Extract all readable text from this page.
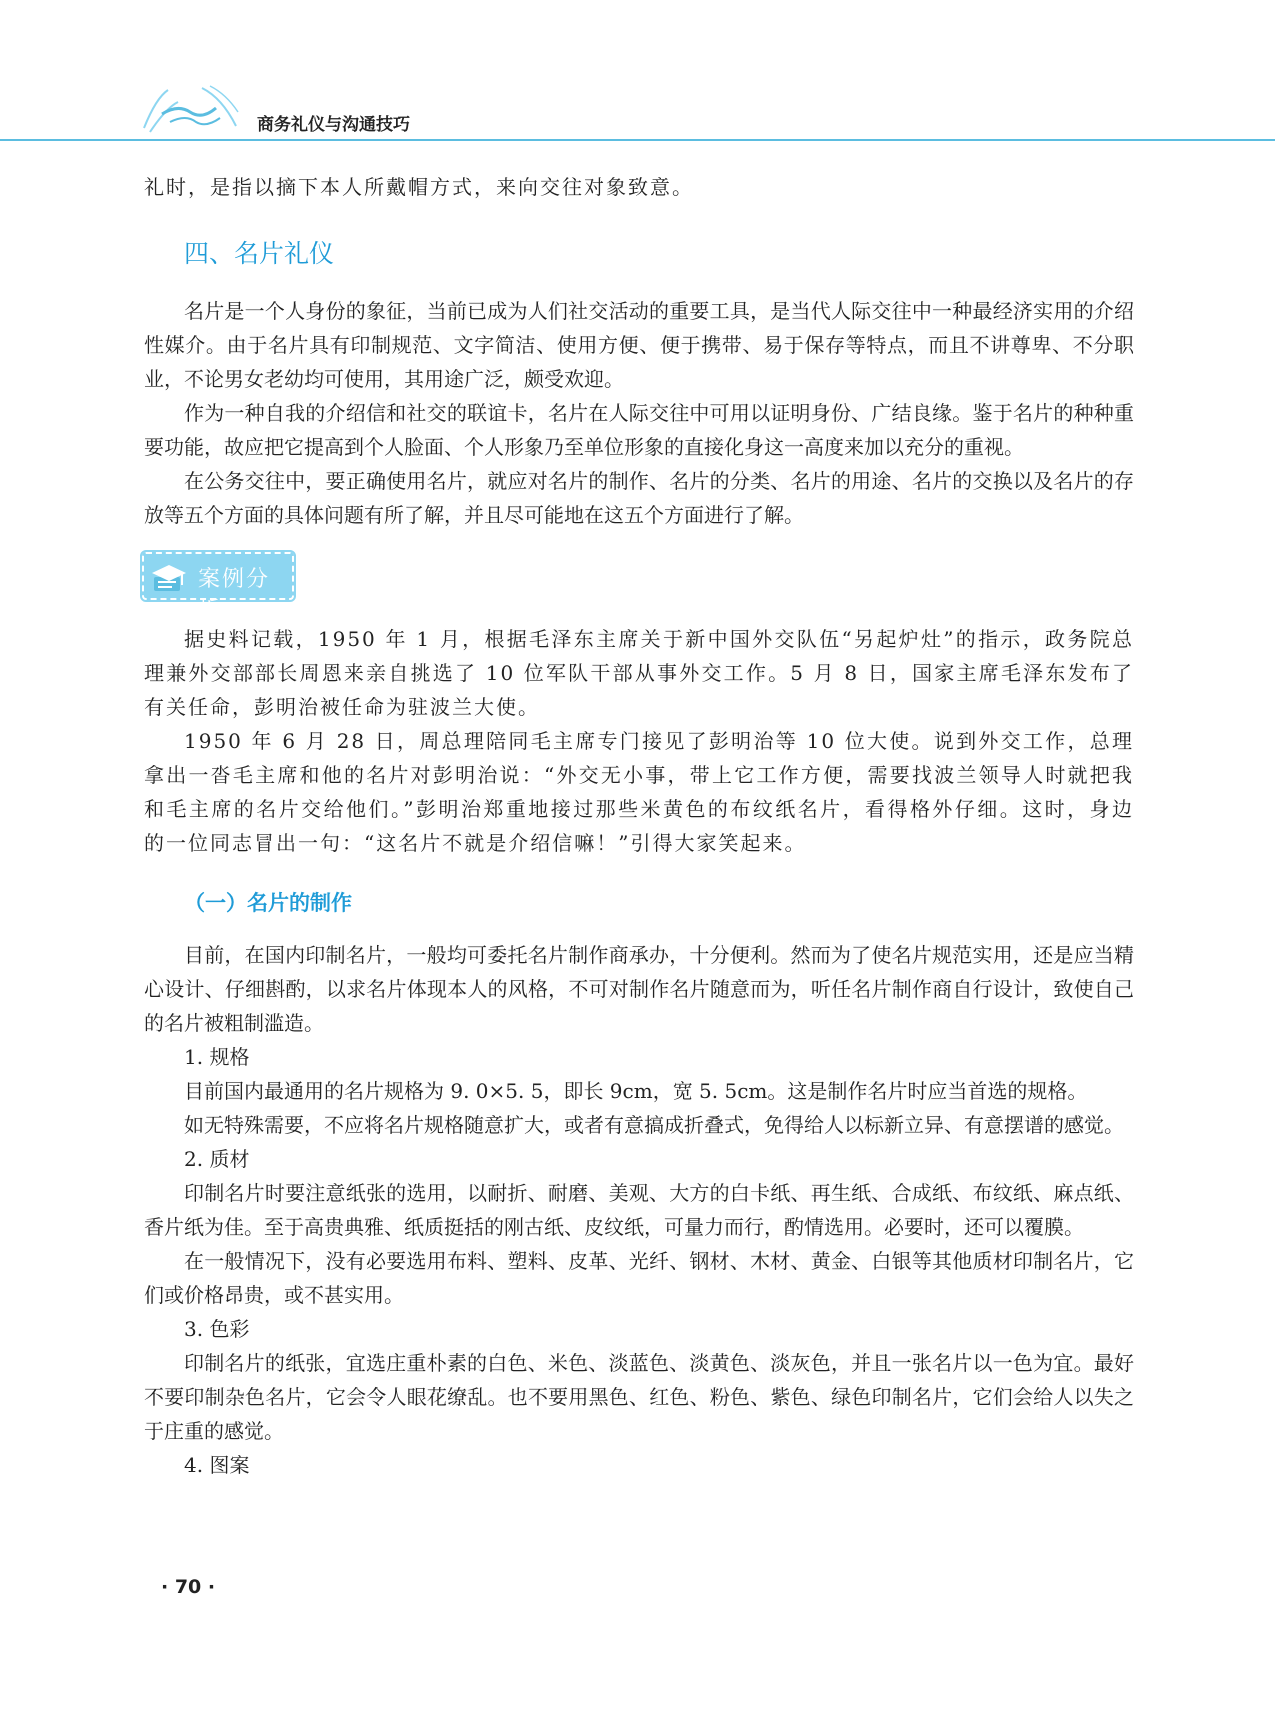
商务礼仪与沟通技巧

礼时，是指以摘下本人所戴帽方式，来向交往对象致意。

四、名片礼仪

名片是一个人身份的象征，当前已成为人们社交活动的重要工具，是当代人际交往中一种最经济实用的介绍性媒介。由于名片具有印制规范、文字简洁、使用方便、便于携带、易于保存等特点，而且不讲尊卑、不分职业，不论男女老幼均可使用，其用途广泛，颇受欢迎。

作为一种自我的介绍信和社交的联谊卡，名片在人际交往中可用以证明身份、广结良缘。鉴于名片的种种重要功能，故应把它提高到个人脸面、个人形象乃至单位形象的直接化身这一高度来加以充分的重视。

在公务交往中，要正确使用名片，就应对名片的制作、名片的分类、名片的用途、名片的交换以及名片的存放等五个方面的具体问题有所了解，并且尽可能地在这五个方面进行了解。

案例分析

据史料记载，1950 年 1 月，根据毛泽东主席关于新中国外交队伍“另起炉灶”的指示，政务院总理兼外交部部长周恩来亲自挑选了 10 位军队干部从事外交工作。5 月 8 日，国家主席毛泽东发布了有关任命，彭明治被任命为驻波兰大使。

1950 年 6 月 28 日，周总理陪同毛主席专门接见了彭明治等 10 位大使。说到外交工作，总理拿出一沓毛主席和他的名片对彭明治说：“外交无小事，带上它工作方便，需要找波兰领导人时就把我和毛主席的名片交给他们。”彭明治郑重地接过那些米黄色的布纹纸名片，看得格外仔细。这时，身边的一位同志冒出一句：“这名片不就是介绍信嘛！”引得大家笑起来。

（一）名片的制作

目前，在国内印制名片，一般均可委托名片制作商承办，十分便利。然而为了使名片规范实用，还是应当精心设计、仔细斟酌，以求名片体现本人的风格，不可对制作名片随意而为，听任名片制作商自行设计，致使自己的名片被粗制滥造。

1. 规格

目前国内最通用的名片规格为 9. 0×5. 5，即长 9cm，宽 5. 5cm。这是制作名片时应当首选的规格。

如无特殊需要，不应将名片规格随意扩大，或者有意搞成折叠式，免得给人以标新立异、有意摆谱的感觉。

2. 质材

印制名片时要注意纸张的选用，以耐折、耐磨、美观、大方的白卡纸、再生纸、合成纸、布纹纸、麻点纸、香片纸为佳。至于高贵典雅、纸质挺括的刚古纸、皮纹纸，可量力而行，酌情选用。必要时，还可以覆膜。

在一般情况下，没有必要选用布料、塑料、皮革、光纤、钢材、木材、黄金、白银等其他质材印制名片，它们或价格昂贵，或不甚实用。

3. 色彩

印制名片的纸张，宜选庄重朴素的白色、米色、淡蓝色、淡黄色、淡灰色，并且一张名片以一色为宜。最好不要印制杂色名片，它会令人眼花缭乱。也不要用黑色、红色、粉色、紫色、绿色印制名片，它们会给人以失之于庄重的感觉。

4. 图案

· 70 ·
